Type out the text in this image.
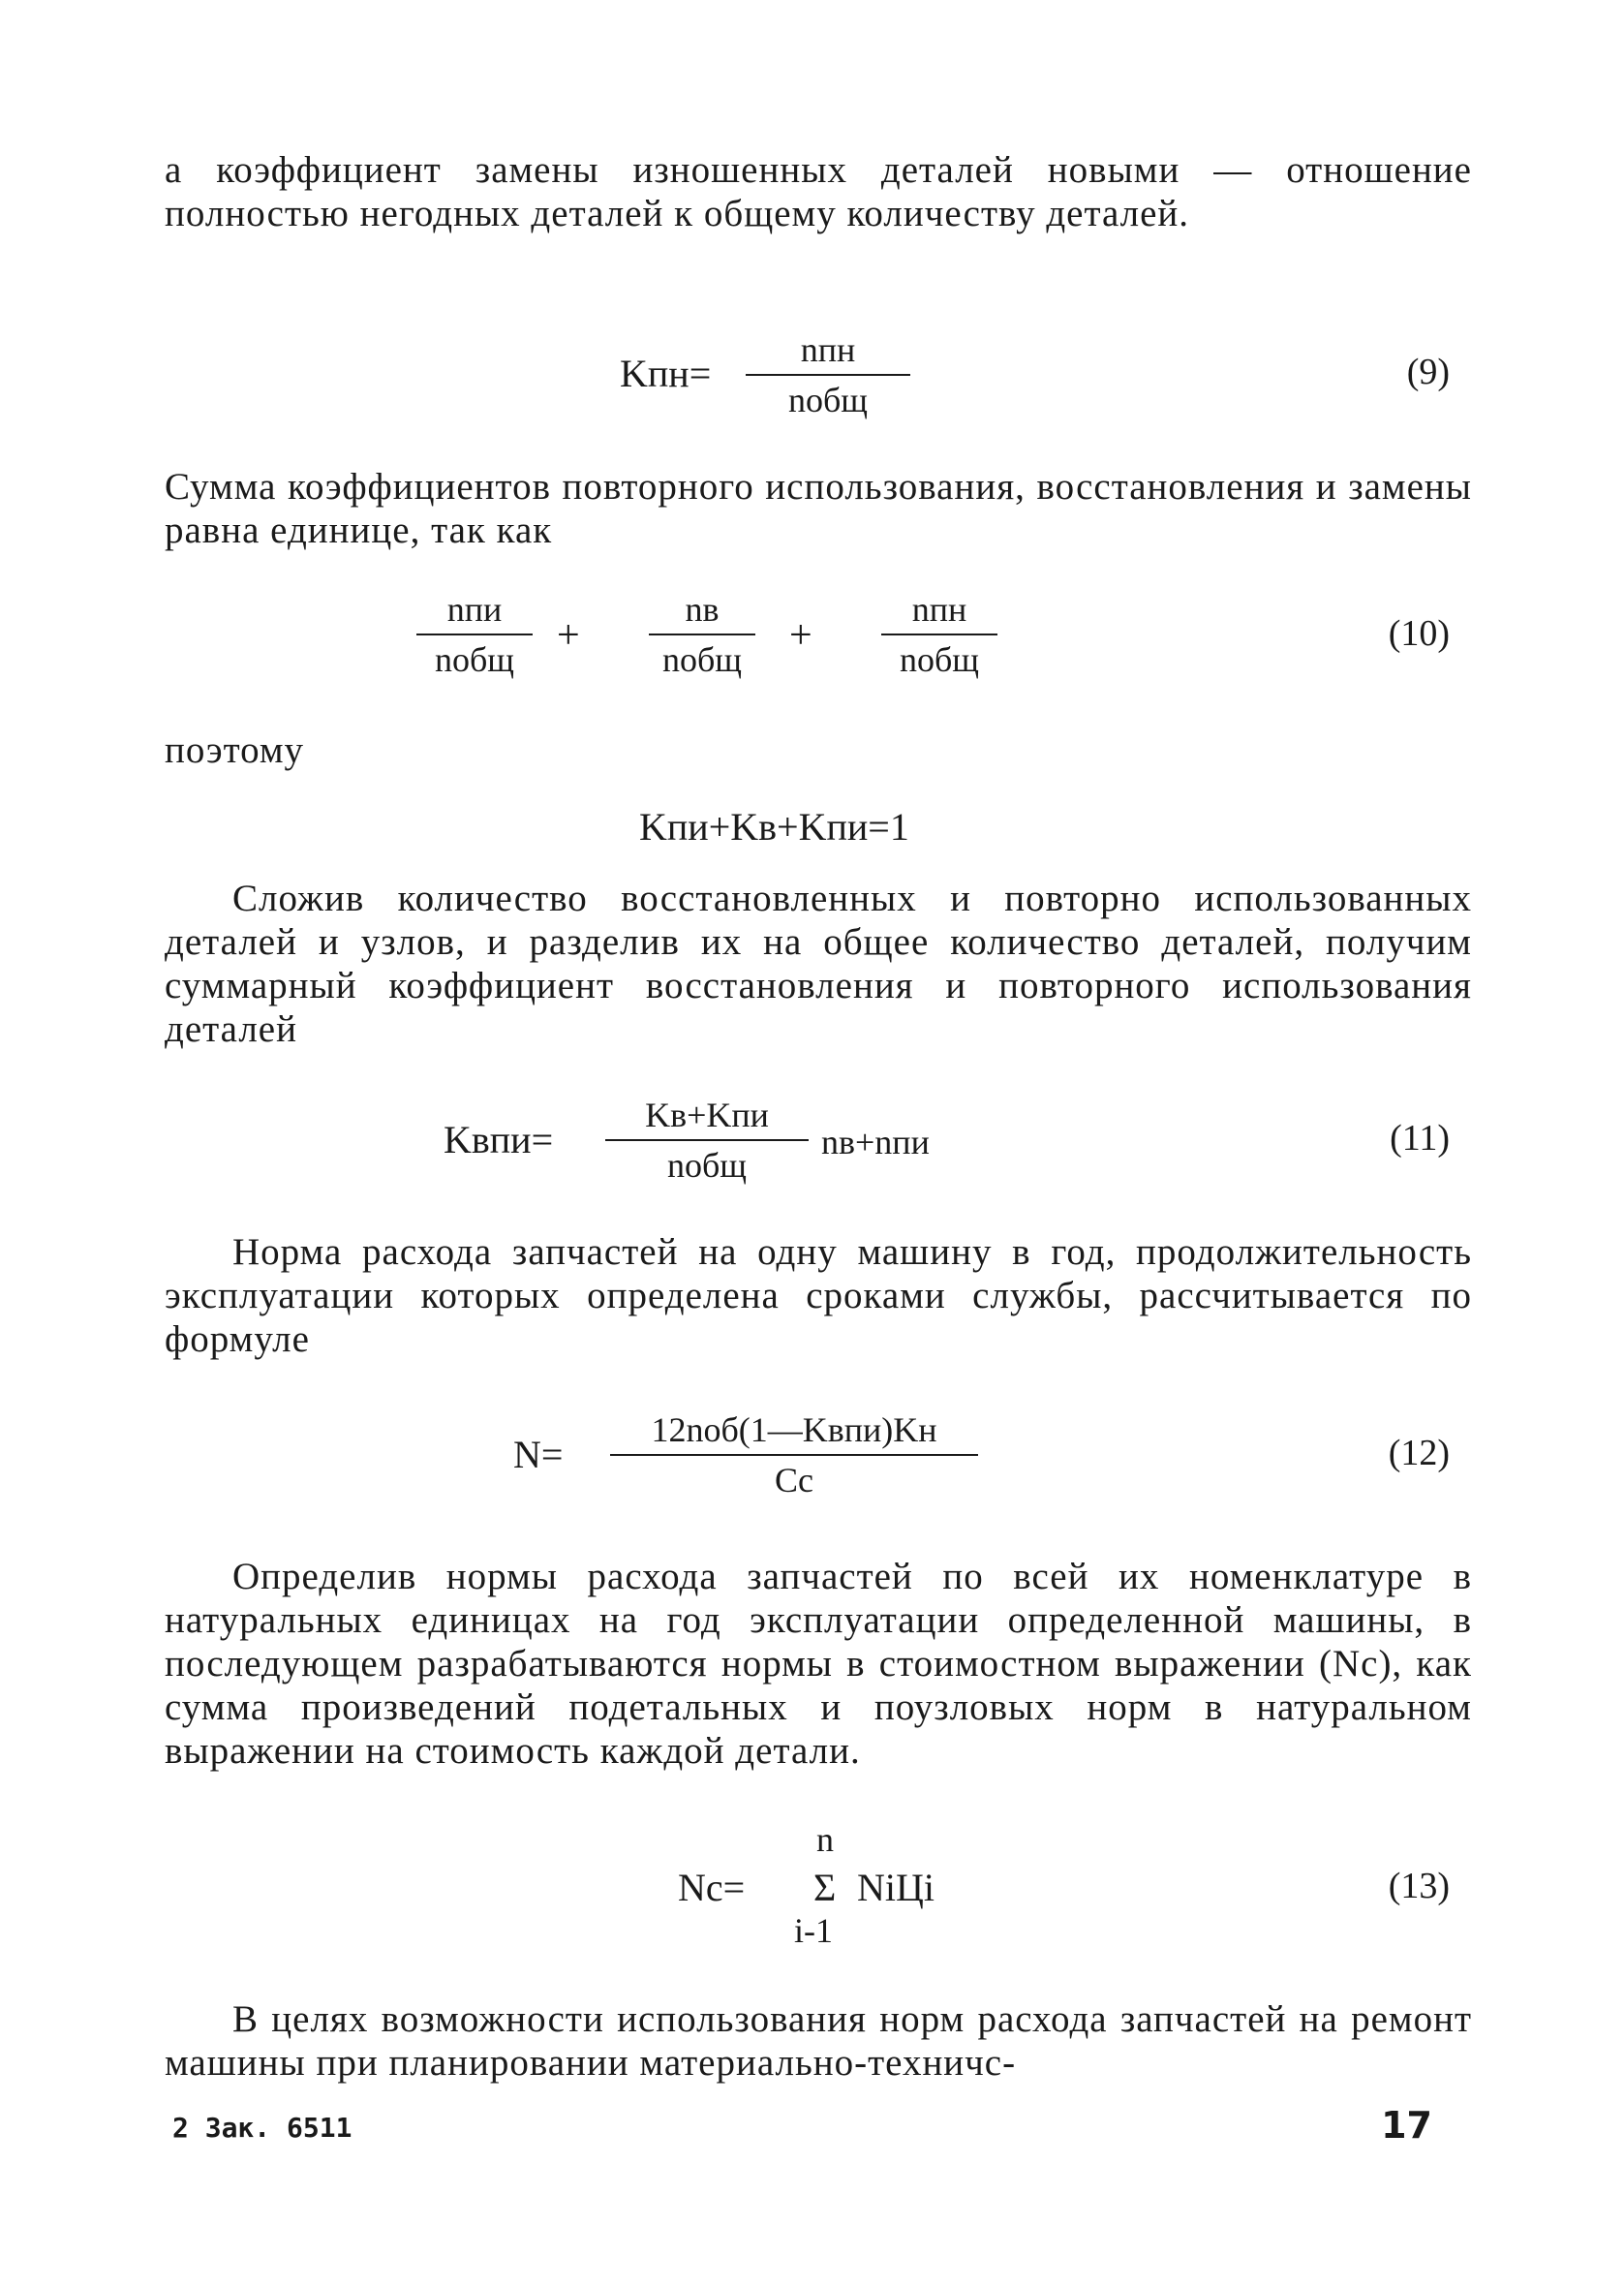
а коэффициент замены изношенных деталей новыми — отношение полностью негодных деталей к общему количеству деталей.

Kпн=
nпн
nобщ
(9)

Сумма коэффициентов повторного использования, восстановления и замены равна единице, так как

nпи
nобщ
+
nв
nобщ
+
nпн
nобщ
(10)

поэтому

Kпи+Kв+Kпи=1

Сложив количество восстановленных и повторно использованных деталей и узлов, и разделив их на общее количество деталей, получим суммарный коэффициент восстановления и повторного использования деталей

Kвпи=
Kв+Kпи
nобщ
nв+nпи	(11)

Норма расхода запчастей на одну машину в год, продолжительность эксплуатации которых определена сроками службы, рассчитывается по формуле

N=
12nоб(1—Kвпи)Kн
Cc
(12)

Определив нормы расхода запчастей по всей их номенклатуре в натуральных единицах на год эксплуатации определенной машины, в последующем разрабатываются нормы в стоимостном выражении (Nc), как сумма произведений подетальных и поузловых норм в натуральном выражении на стоимость каждой детали.

Nc=
n
Σ
i-1
NiЦi	(13)

В целях возможности использования норм расхода запчастей на ремонт машины при планировании материально-техничс-

2 Зак. 6511	17
